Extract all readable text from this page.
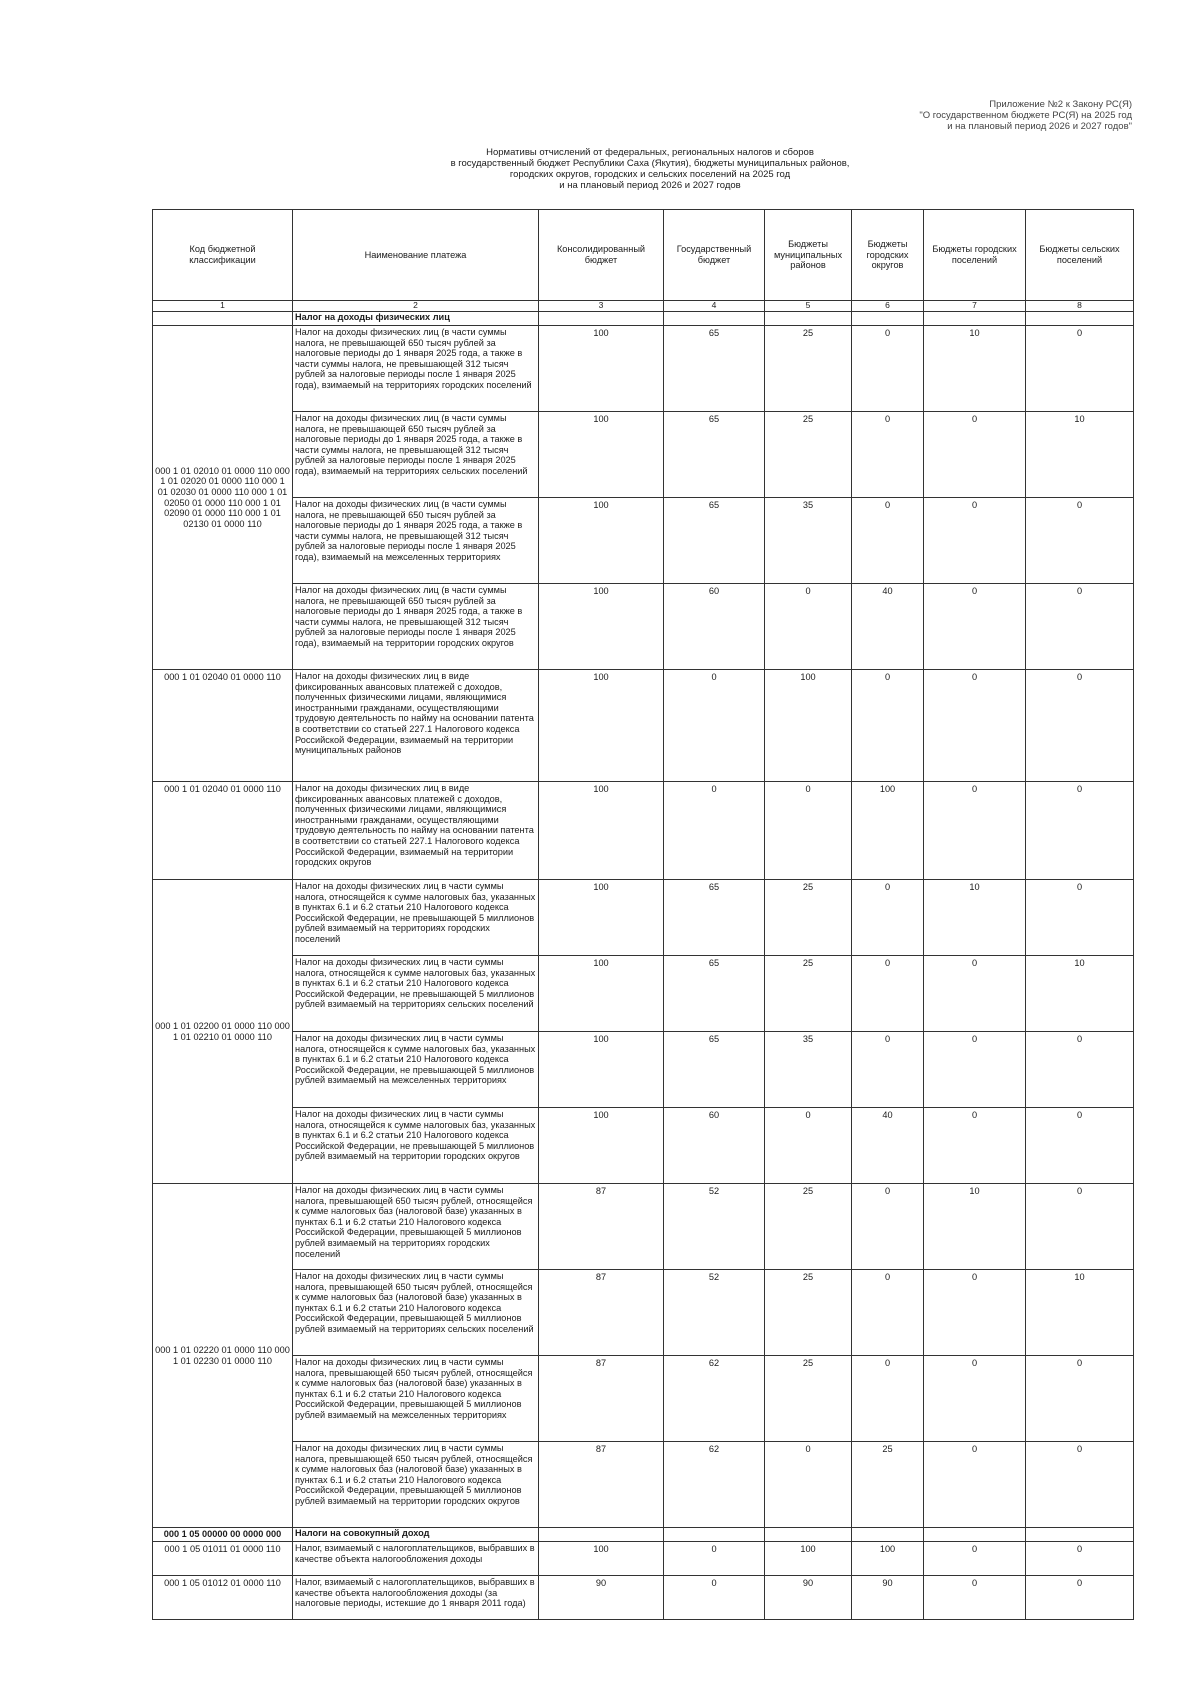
Приложение №2 к Закону РС(Я)
"О государственном бюджете РС(Я) на 2025 год
и на плановый период 2026 и 2027 годов"
Нормативы отчислений от федеральных, региональных налогов и сборов
в государственный бюджет Республики Саха (Якутия), бюджеты муниципальных районов,
городских округов, городских и сельских поселений на 2025 год
и на плановый период 2026 и 2027 годов
Код бюджетной классификации	Наименование платежа	Консолидированный бюджет	Государственный бюджет	Бюджеты муниципальных районов	Бюджеты городских округов	Бюджеты городских поселений	Бюджеты сельских поселений
1	2	3	4	5	6	7	8
	Налог на доходы физических лиц						
000 1 01 02010 01 0000 110 000 1 01 02020 01 0000 110 000 1 01 02030 01 0000 110 000 1 01 02050 01 0000 110 000 1 01 02090 01 0000 110 000 1 01 02130 01 0000 110	Налог на доходы физических лиц (в части суммы налога, не превышающей 650 тысяч рублей за налоговые периоды до 1 января 2025 года, а также в части суммы налога, не превышающей 312 тысяч рублей за налоговые периоды после 1 января 2025 года), взимаемый на территориях городских поселений	100	65	25	0	10	0
	Налог на доходы физических лиц (в части суммы налога, не превышающей 650 тысяч рублей за налоговые периоды до 1 января 2025 года, а также в части суммы налога, не превышающей 312 тысяч рублей за налоговые периоды после 1 января 2025 года), взимаемый на территориях сельских поселений	100	65	25	0	0	10
	Налог на доходы физических лиц (в части суммы налога, не превышающей 650 тысяч рублей за налоговые периоды до 1 января 2025 года, а также в части суммы налога, не превышающей 312 тысяч рублей за налоговые периоды после 1 января 2025 года), взимаемый на межселенных территориях	100	65	35	0	0	0
	Налог на доходы физических лиц (в части суммы налога, не превышающей 650 тысяч рублей за налоговые периоды до 1 января 2025 года, а также в части суммы налога, не превышающей 312 тысяч рублей за налоговые периоды после 1 января 2025 года), взимаемый на территории городских округов	100	60	0	40	0	0
000 1 01 02040 01 0000 110	Налог на доходы физических лиц в виде фиксированных авансовых платежей с доходов, полученных физическими лицами, являющимися иностранными гражданами, осуществляющими трудовую деятельность по найму на основании патента в соответствии со статьей 227.1 Налогового кодекса Российской Федерации, взимаемый на территории муниципальных районов	100	0	100	0	0	0
000 1 01 02040 01 0000 110	Налог на доходы физических лиц в виде фиксированных авансовых платежей с доходов, полученных физическими лицами, являющимися иностранными гражданами, осуществляющими трудовую деятельность по найму на основании патента в соответствии со статьей 227.1 Налогового кодекса Российской Федерации, взимаемый на территории городских округов	100	0	0	100	0	0
000 1 01 02200 01 0000 110 000 1 01 02210 01 0000 110	Налог на доходы физических лиц в части суммы налога, относящейся к сумме налоговых баз, указанных в пунктах 6.1 и 6.2 статьи 210 Налогового кодекса Российской Федерации, не превышающей 5 миллионов рублей взимаемый на территориях городских поселений	100	65	25	0	10	0
	Налог на доходы физических лиц в части суммы налога, относящейся к сумме налоговых баз, указанных в пунктах 6.1 и 6.2 статьи 210 Налогового кодекса Российской Федерации, не превышающей 5 миллионов рублей взимаемый на территориях сельских поселений	100	65	25	0	0	10
	Налог на доходы физических лиц в части суммы налога, относящейся к сумме налоговых баз, указанных в пунктах 6.1 и 6.2 статьи 210 Налогового кодекса Российской Федерации, не превышающей 5 миллионов рублей взимаемый на межселенных территориях	100	65	35	0	0	0
	Налог на доходы физических лиц в части суммы налога, относящейся к сумме налоговых баз, указанных в пунктах 6.1 и 6.2 статьи 210 Налогового кодекса Российской Федерации, не превышающей 5 миллионов рублей взимаемый на территории городских округов	100	60	0	40	0	0
000 1 01 02220 01 0000 110 000 1 01 02230 01 0000 110	Налог на доходы физических лиц в части суммы налога, превышающей 650 тысяч рублей, относящейся к сумме налоговых баз (налоговой базе) указанных в пунктах 6.1 и 6.2 статьи 210 Налогового кодекса Российской Федерации, превышающей 5 миллионов рублей взимаемый на территориях городских поселений	87	52	25	0	10	0
	Налог на доходы физических лиц в части суммы налога, превышающей 650 тысяч рублей, относящейся к сумме налоговых баз (налоговой базе) указанных в пунктах 6.1 и 6.2 статьи 210 Налогового кодекса Российской Федерации, превышающей 5 миллионов рублей взимаемый на территориях сельских поселений	87	52	25	0	0	10
	Налог на доходы физических лиц в части суммы налога, превышающей 650 тысяч рублей, относящейся к сумме налоговых баз (налоговой базе) указанных в пунктах 6.1 и 6.2 статьи 210 Налогового кодекса Российской Федерации, превышающей 5 миллионов рублей взимаемый на межселенных территориях	87	62	25	0	0	0
	Налог на доходы физических лиц в части суммы налога, превышающей 650 тысяч рублей, относящейся к сумме налоговых баз (налоговой базе) указанных в пунктах 6.1 и 6.2 статьи 210 Налогового кодекса Российской Федерации, превышающей 5 миллионов рублей взимаемый на территории городских округов	87	62	0	25	0	0
000 1 05 00000 00 0000 000	Налоги на совокупный доход						
000 1 05 01011 01 0000 110	Налог, взимаемый с налогоплательщиков, выбравших в качестве объекта налогообложения доходы	100	0	100	100	0	0
000 1 05 01012 01 0000 110	Налог, взимаемый с налогоплательщиков, выбравших в качестве объекта налогообложения доходы (за налоговые периоды, истекшие до 1 января 2011 года)	90	0	90	90	0	0
